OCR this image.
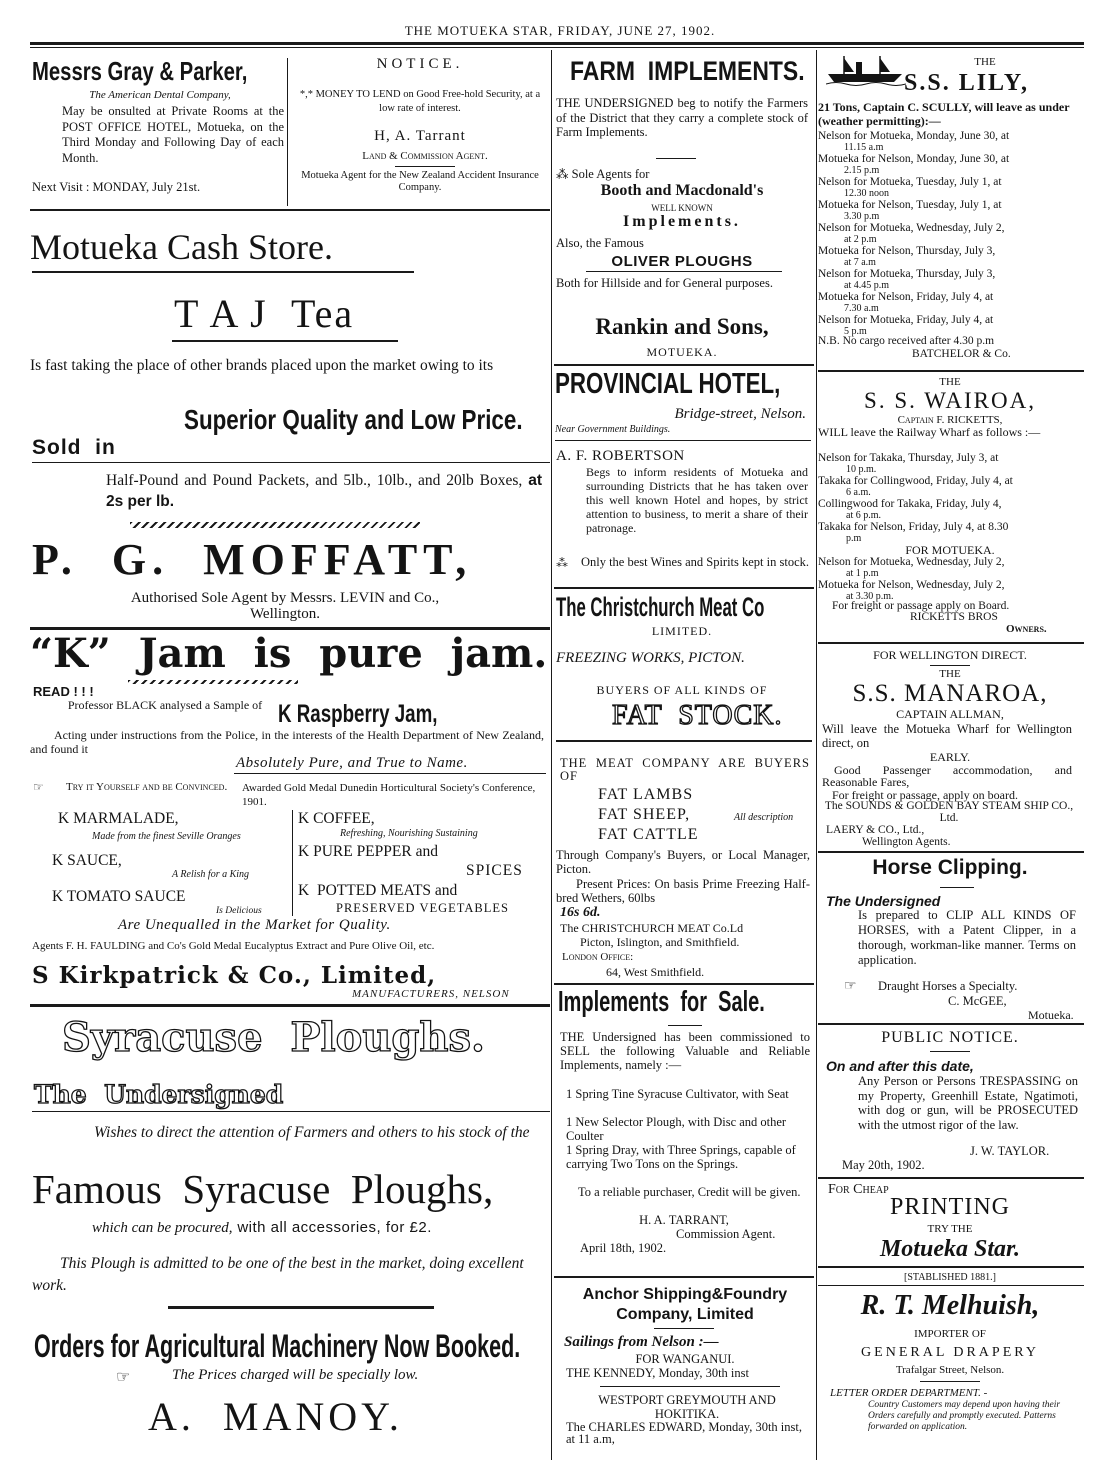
THE MOTUEKA STAR, FRIDAY, JUNE 27, 1902.
Messrs Gray & Parker,
The American Dental Company,
May be onsulted at Private Rooms at the POST OFFICE HOTEL, Motueka, on the Third Monday and Following Day of each Month.
Next Visit : MONDAY, July 21st.
NOTICE.
*,* MONEY TO LEND on Good Free-hold Security, at a low rate of interest.
H, A. Tarrant
Land & Commission Agent.
Motueka Agent for the New Zealand Accident Insurance Company.
Motueka Cash Store.
T A J  Tea
Is fast taking the place of other brands placed upon the market owing to its
Superior Quality and Low Price.
Sold  in
Half-Pound and Pound Packets, and 5lb., 10lb., and 20lb Boxes, at 2s per lb.
P.  G.  MOFFATT,
Authorised Sole Agent by Messrs. LEVIN and Co., Wellington.
“K”  Jam  is  pure  jam.
READ ! ! !
Professor BLACK analysed a Sample of K Raspberry Jam,
Acting under instructions from the Police, in the interests of the Health Department of New Zealand, and found it
Absolutely Pure, and True to Name.
☞ Try it Yourself and be Convinced. Awarded Gold Medal Dunedin Horticultural Society's Conference, 1901.
K MARMALADE,
Made from the finest Seville Oranges
K SAUCE,
A Relish for a King
K TOMATO SAUCE
Is Delicious
K COFFEE,
Refreshing, Nourishing Sustaining
K PURE PEPPER and
SPICES
K  POTTED MEATS and
PRESERVED VEGETABLES
Are Unequalled in the Market for Quality.
Agents F. H. FAULDING and Co's Gold Medal Eucalyptus Extract and Pure Olive Oil, etc.
S Kirkpatrick & Co., Limited,
MANUFACTURERS, NELSON
Syracuse  Ploughs.
The  Undersigned
Wishes to direct the attention of Farmers and others to his stock of the
Famous  Syracuse  Ploughs,
which can be procured, with all accessories, for £2.
This Plough is admitted to be one of the best in the market, doing excellent work.
Orders for Agricultural Machinery Now Booked.
☞	The Prices charged will be specially low.
A.  MANOY.
FARM  IMPLEMENTS.
THE UNDERSIGNED beg to notify the Farmers of the District that they carry a complete stock of Farm Implements.
⁂ Sole Agents for
Booth and Macdonald's
WELL KNOWN
Implements.
Also, the Famous
OLIVER PLOUGHS
Both for Hillside and for General purposes.
Rankin and Sons,
MOTUEKA.
PROVINCIAL HOTEL,
Bridge-street, Nelson.
Near Government Buildings.
A. F. ROBERTSON
Begs to inform residents of Motueka and surrounding Districts that he has taken over this well known Hotel and hopes, by strict attention to business, to merit a share of their patronage.
⁂ Only the best Wines and Spirits kept in stock.
The Christchurch Meat Co
LIMITED.
FREEZING WORKS, PICTON.
BUYERS OF ALL KINDS OF
FAT  STOCK.
THE MEAT COMPANY ARE BUYERS OF
FAT LAMBS
FAT SHEEP,	All description
FAT CATTLE
Through Company's Buyers, or Local Manager, Picton.
Present Prices: On basis Prime Freezing Half-bred Wethers, 60lbs
16s 6d.
The CHRISTCHURCH MEAT Co.Ld
Picton, Islington, and Smithfield.
London Office:
64, West Smithfield.
Implements  for  Sale.
THE Undersigned has been commissioned to SELL the following Valuable and Reliable Implements, namely :—
1 Spring Tine Syracuse Cultivator, with Seat
1 New Selector Plough, with Disc and other Coulter
1 Spring Dray, with Three Springs, capable of carrying Two Tons on the Springs.
To a reliable purchaser, Credit will be given.
H. A. TARRANT,
Commission Agent.
April 18th, 1902.
Anchor Shipping&Foundry
Company, Limited
Sailings from Nelson :—
FOR WANGANUI.
THE KENNEDY, Monday, 30th inst
WESTPORT GREYMOUTH AND HOKITIKA.
The CHARLES EDWARD, Monday, 30th inst, at 11 a.m,
THE
S.S. LILY,
21 Tons, Captain C. SCULLY, will leave as under (weather permitting):—
Nelson for Motueka, Monday, June 30, at
11.15 a.m
Motueka for Nelson, Monday, June 30, at
2.15 p.m
Nelson for Motueka, Tuesday, July 1, at
12.30 noon
Motueka for Nelson, Tuesday, July 1, at
3.30 p.m
Nelson for Motueka, Wednesday, July 2,
at 2 p.m
Motueka for Nelson, Thursday, July 3,
at 7 a.m
Nelson for Motueka, Thursday, July 3,
at 4.45 p.m
Motueka for Nelson, Friday, July 4, at
7.30 a.m
Nelson for Motueka, Friday, July 4, at
5 p.m
N.B. No cargo received after 4.30 p.m
BATCHELOR & Co.
THE
S. S. WAIROA,
Captain F. RICKETTS,
WILL leave the Railway Wharf as follows :—
Nelson for Takaka, Thursday, July 3, at
10 p.m.
Takaka for Collingwood, Friday, July 4, at
6 a.m.
Collingwood for Takaka, Friday, July 4,
at 6 p.m.
Takaka for Nelson, Friday, July 4, at 8.30
p.m
FOR MOTUEKA.
Nelson for Motueka, Wednesday, July 2,
at 1 p.m
Motueka for Nelson, Wednesday, July 2,
at 3.30 p.m.
For freight or passage apply on Board.
RICKETTS BROS
Owners.
FOR WELLINGTON DIRECT.
THE
S.S. MANAROA,
CAPTAIN ALLMAN,
Will leave the Motueka Wharf for Wellington direct, on
EARLY.
Good Passenger accommodation, and Reasonable Fares,
For freight or passage, apply on board.
The SOUNDS & GOLDEN BAY STEAM SHIP CO., Ltd.
LAERY & CO., Ltd.,
Wellington Agents.
Horse Clipping.
The Undersigned
Is prepared to CLIP ALL KINDS OF HORSES, with a Patent Clipper, in a thorough, workman-like manner. Terms on application.
☞ Draught Horses a Specialty.
C. McGEE,
Motueka.
PUBLIC NOTICE.
On and after this date,
Any Person or Persons TRESPASSING on my Property, Greenhill Estate, Ngatimoti, with dog or gun, will be PROSECUTED with the utmost rigor of the law.
J. W. TAYLOR.
May 20th, 1902.
For Cheap
PRINTING
TRY THE
Motueka Star.
[STABLISHED 1881.]
R. T. Melhuish,
IMPORTER OF
GENERAL DRAPERY
Trafalgar Street, Nelson.
LETTER ORDER DEPARTMENT. -
Country Customers may depend upon having their Orders carefully and promptly executed. Patterns forwarded on application.
